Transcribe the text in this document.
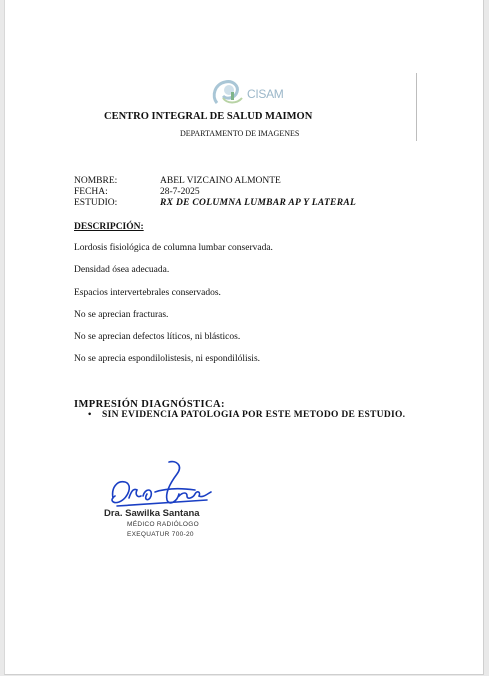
CISAM
CENTRO INTEGRAL DE SALUD MAIMON
DEPARTAMENTO DE IMAGENES
NOMBRE:	ABEL VIZCAINO ALMONTE
FECHA:	28-7-2025
ESTUDIO:	RX DE COLUMNA LUMBAR AP Y LATERAL
DESCRIPCIÓN:
Lordosis fisiológica de columna lumbar conservada.
Densidad ósea adecuada.
Espacios intervertebrales conservados.
No se aprecian fracturas.
No se aprecian defectos líticos, ni blásticos.
No se aprecia espondilolistesis, ni espondilólisis.
IMPRESIÓN DIAGNÓSTICA:
• SIN EVIDENCIA PATOLOGIA POR ESTE METODO DE ESTUDIO.
Dra. Sawilka Santana
MÉDICO RADIÓLOGO
EXEQUATUR 700-20
